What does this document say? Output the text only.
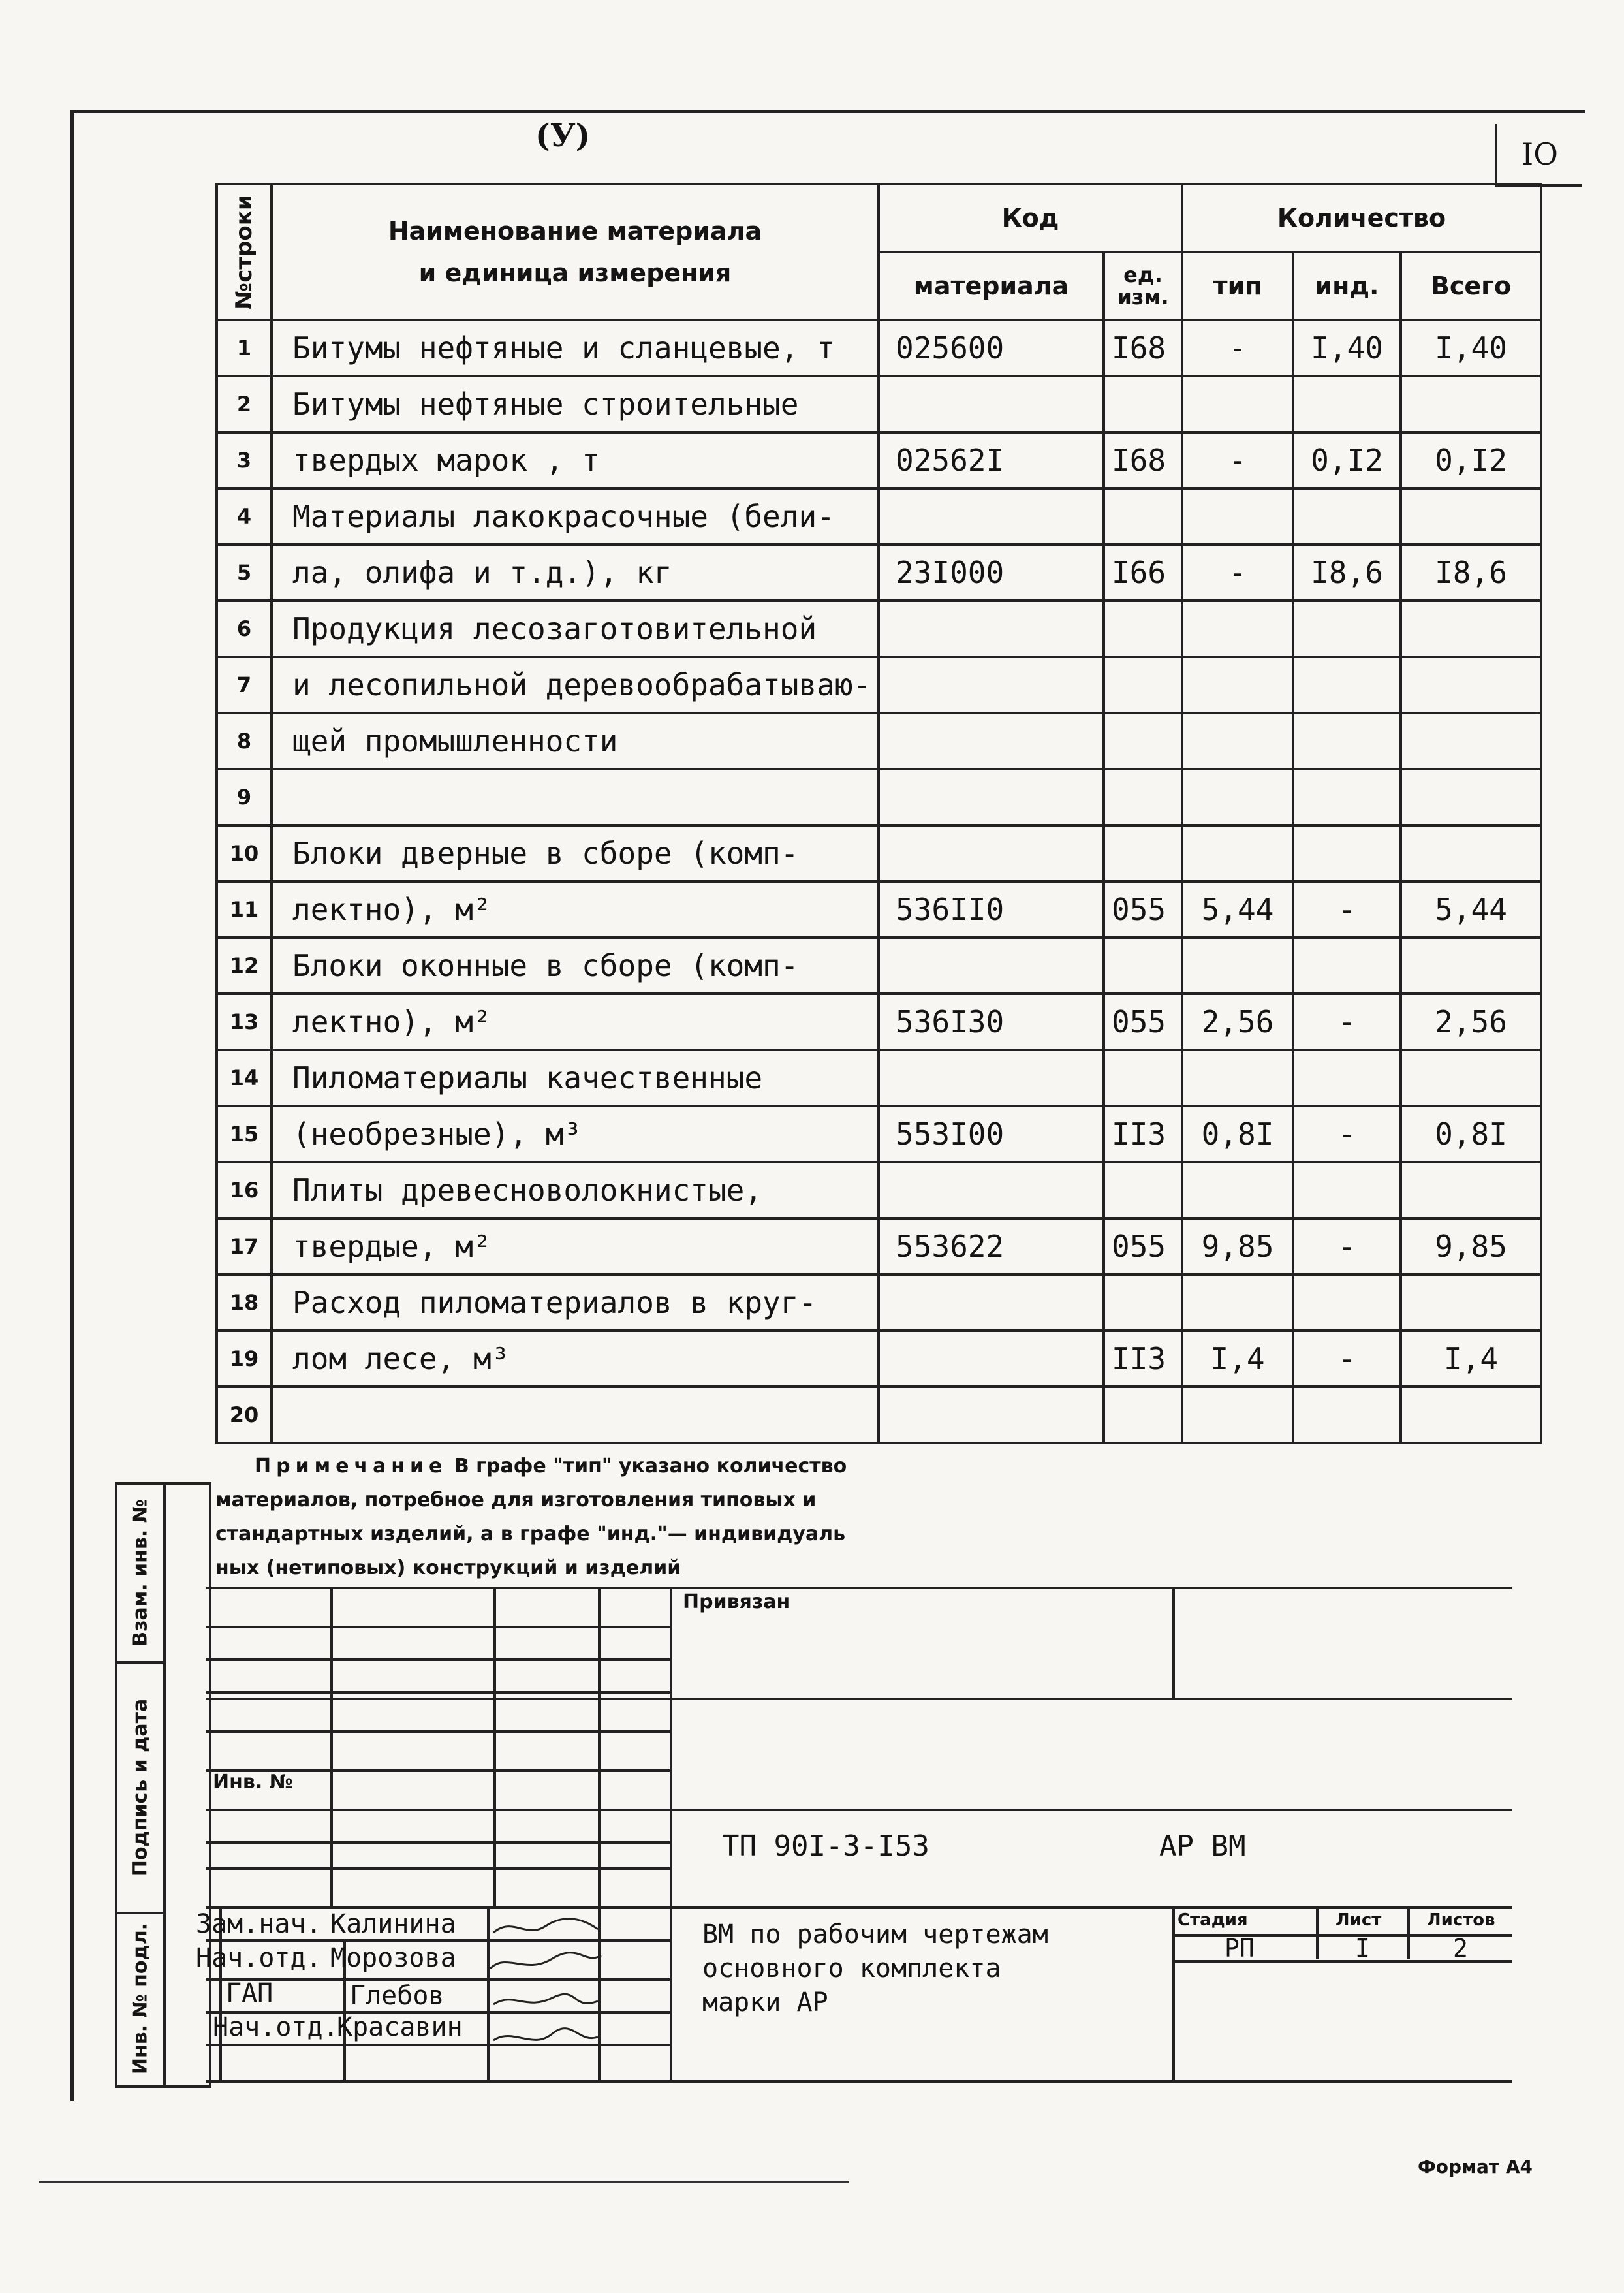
IO
(У)
№строки	Наименование материала
и единица измерения	Код		Количество		
		материала	ед. изм.	тип	инд.	Всего
1	Битумы нефтяные и сланцевые, т	025600	I68	-	I,40	I,40
2	Битумы нефтяные строительные					
3	твердых марок , т	02562I	I68	-	0,I2	0,I2
4	Материалы лакокрасочные (бели-					
5	ла, олифа и т.д.), кг	23I000	I66	-	I8,6	I8,6
6	Продукция лесозаготовительной					
7	и лесопильной деревообрабатываю-					
8	щей промышленности					
9						
10	Блоки дверные в сборе (комп-					
11	лектно), м²	536II0	055	5,44	-	5,44
12	Блоки оконные в сборе (комп-					
13	лектно), м²	536I30	055	2,56	-	2,56
14	Пиломатериалы качественные					
15	(необрезные), м³	553I00	II3	0,8I	-	0,8I
16	Плиты древесноволокнистые,					
17	твердые, м²	553622	055	9,85	-	9,85
18	Расход пиломатериалов в круг-					
19	лом лесе, м³		II3	I,4	-	I,4
20						
Примечание В графе "тип" указано количество
материалов, потребное для изготовления типовых и
стандартных изделий, а в графе "инд."— индивидуаль
ных (нетиповых) конструкций и изделий
Взам. инв. №
Подпись и дата
Инв. № подл.
Привязан
Инв. №
ТП 90I-3-I53	АР ВМ
ВМ по рабочим чертежам
основного комплекта
марки АР
Стадия	Лист	Листов
РП	I	2
Зам.нач. Калинина
Нач.отд. Морозова
ГАП	Глебов
Нач.отд.
Красавин
Формат А4
